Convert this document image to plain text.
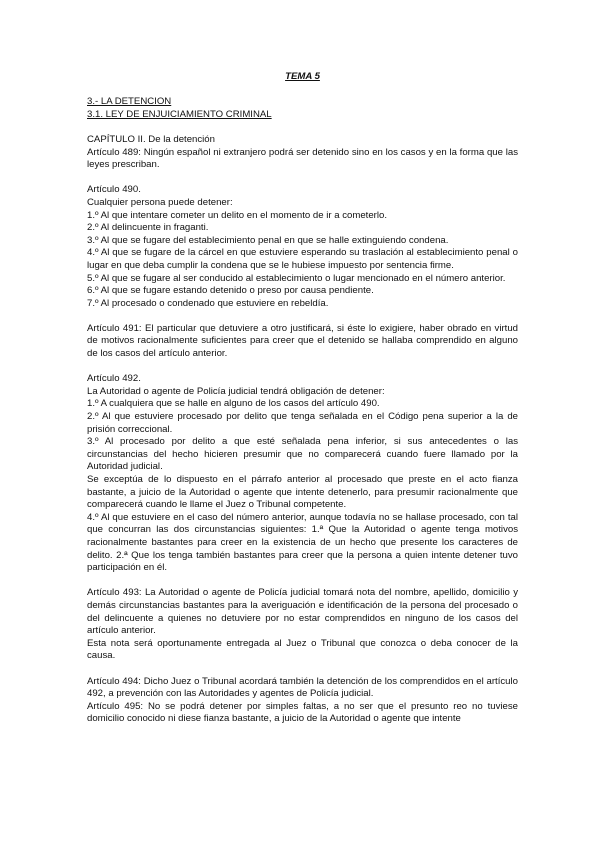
TEMA 5

3.- LA DETENCION

3.1. LEY DE ENJUICIAMIENTO CRIMINAL

CAPÍTULO II. De la detención

Artículo 489: Ningún español ni extranjero podrá ser detenido sino en los casos y en la forma que las leyes prescriban.

Artículo 490.

Cualquier persona puede detener:

1.º Al que intentare cometer un delito en el momento de ir a cometerlo.

2.º Al delincuente in fraganti.

3.º Al que se fugare del establecimiento penal en que se halle extinguiendo condena.

4.º Al que se fugare de la cárcel en que estuviere esperando su traslación al establecimiento penal o lugar en que deba cumplir la condena que se le hubiese impuesto por sentencia firme.

5.º Al que se fugare al ser conducido al establecimiento o lugar mencionado en el número anterior.

6.º Al que se fugare estando detenido o preso por causa pendiente.

7.º Al procesado o condenado que estuviere en rebeldía.

Artículo 491: El particular que detuviere a otro justificará, si éste lo exigiere, haber obrado en virtud de motivos racionalmente suficientes para creer que el detenido se hallaba comprendido en alguno de los casos del artículo anterior.

Artículo 492.

La Autoridad o agente de Policía judicial tendrá obligación de detener:

1.º A cualquiera que se halle en alguno de los casos del artículo 490.

2.º Al que estuviere procesado por delito que tenga señalada en el Código pena superior a la de prisión correccional.

3.º Al procesado por delito a que esté señalada pena inferior, si sus antecedentes o las circunstancias del hecho hicieren presumir que no comparecerá cuando fuere llamado por la Autoridad judicial.

Se exceptúa de lo dispuesto en el párrafo anterior al procesado que preste en el acto fianza bastante, a juicio de la Autoridad o agente que intente detenerlo, para presumir racionalmente que comparecerá cuando le llame el Juez o Tribunal competente.

4.º Al que estuviere en el caso del número anterior, aunque todavía no se hallase procesado, con tal que concurran las dos circunstancias siguientes: 1.ª Que la Autoridad o agente tenga motivos racionalmente bastantes para creer en la existencia de un hecho que presente los caracteres de delito. 2.ª Que los tenga también bastantes para creer que la persona a quien intente detener tuvo participación en él.

Artículo 493: La Autoridad o agente de Policía judicial tomará nota del nombre, apellido, domicilio y demás circunstancias bastantes para la averiguación e identificación de la persona del procesado o del delincuente a quienes no detuviere por no estar comprendidos en ninguno de los casos del artículo anterior.

Esta nota será oportunamente entregada al Juez o Tribunal que conozca o deba conocer de la causa.

Artículo 494: Dicho Juez o Tribunal acordará también la detención de los comprendidos en el artículo 492, a prevención con las Autoridades y agentes de Policía judicial.

Artículo 495: No se podrá detener por simples faltas, a no ser que el presunto reo no tuviese domicilio conocido ni diese fianza bastante, a juicio de la Autoridad o agente que intente
